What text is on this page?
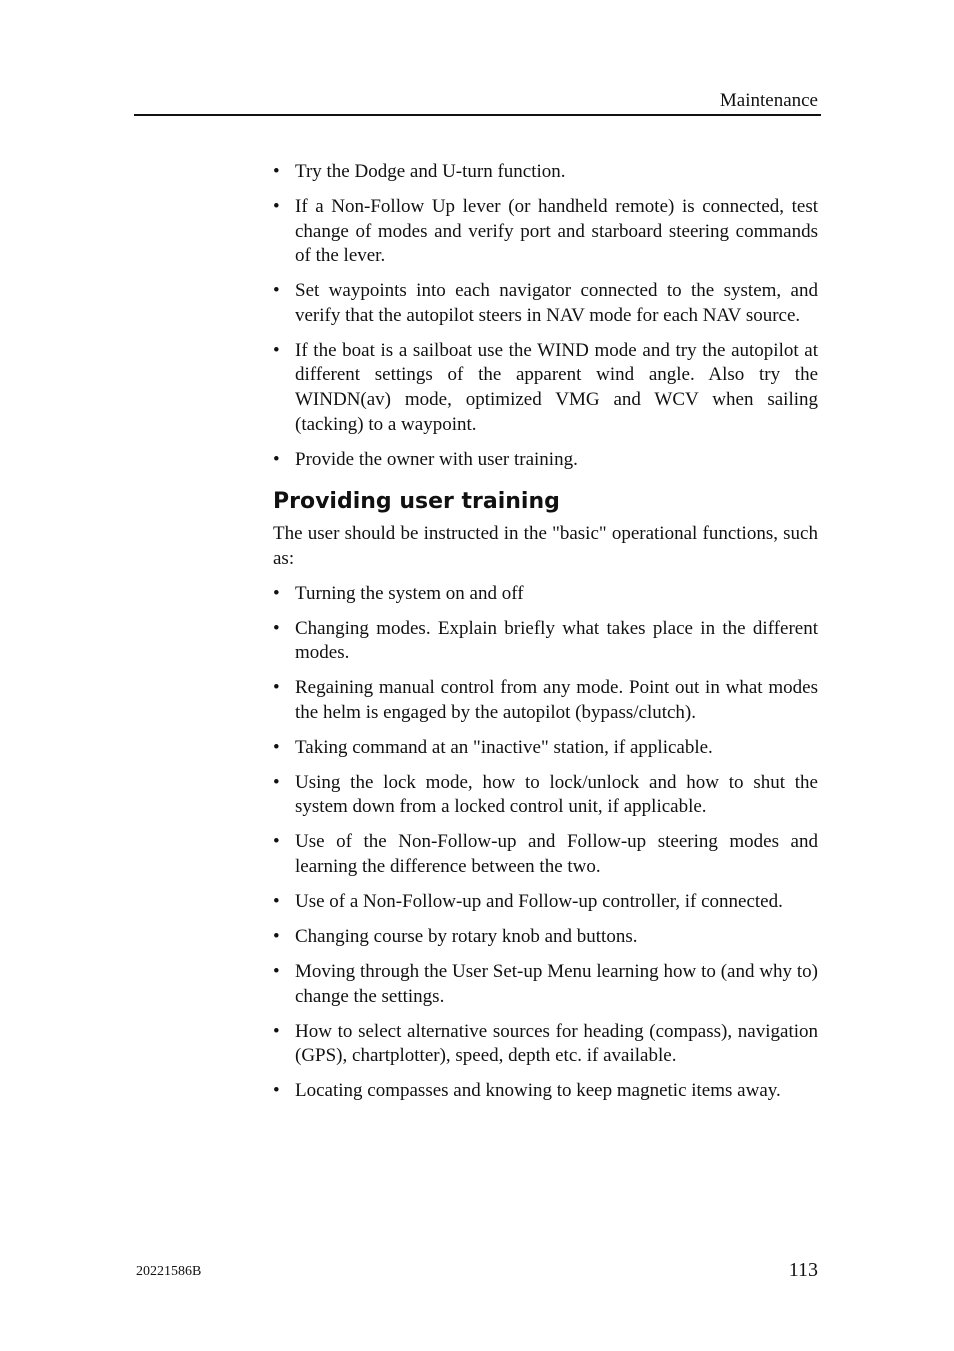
Maintenance
• Try the Dodge and U-turn function.
• If a Non-Follow Up lever (or handheld remote) is connected, test change of modes and verify port and starboard steering commands of the lever.
• Set waypoints into each navigator connected to the system, and verify that the autopilot steers in NAV mode for each NAV source.
• If the boat is a sailboat use the WIND mode and try the autopilot at different settings of the apparent wind angle. Also try the WINDN(av) mode, optimized VMG and WCV when sailing (tacking) to a waypoint.
• Provide the owner with user training.
Providing user training

The user should be instructed in the "basic" operational functions, such as:

• Turning the system on and off
• Changing modes. Explain briefly what takes place in the different modes.
• Regaining manual control from any mode. Point out in what modes the helm is engaged by the autopilot (bypass/clutch).
• Taking command at an "inactive" station, if applicable.
• Using the lock mode, how to lock/unlock and how to shut the system down from a locked control unit, if applicable.
• Use of the Non-Follow-up and Follow-up steering modes and learning the difference between the two.
• Use of a Non-Follow-up and Follow-up controller, if connected.
• Changing course by rotary knob and buttons.
• Moving through the User Set-up Menu learning how to (and why to) change the settings.
• How to select alternative sources for heading (compass), navigation (GPS), chartplotter), speed, depth etc. if available.
• Locating compasses and knowing to keep magnetic items away.
20221586B	113
